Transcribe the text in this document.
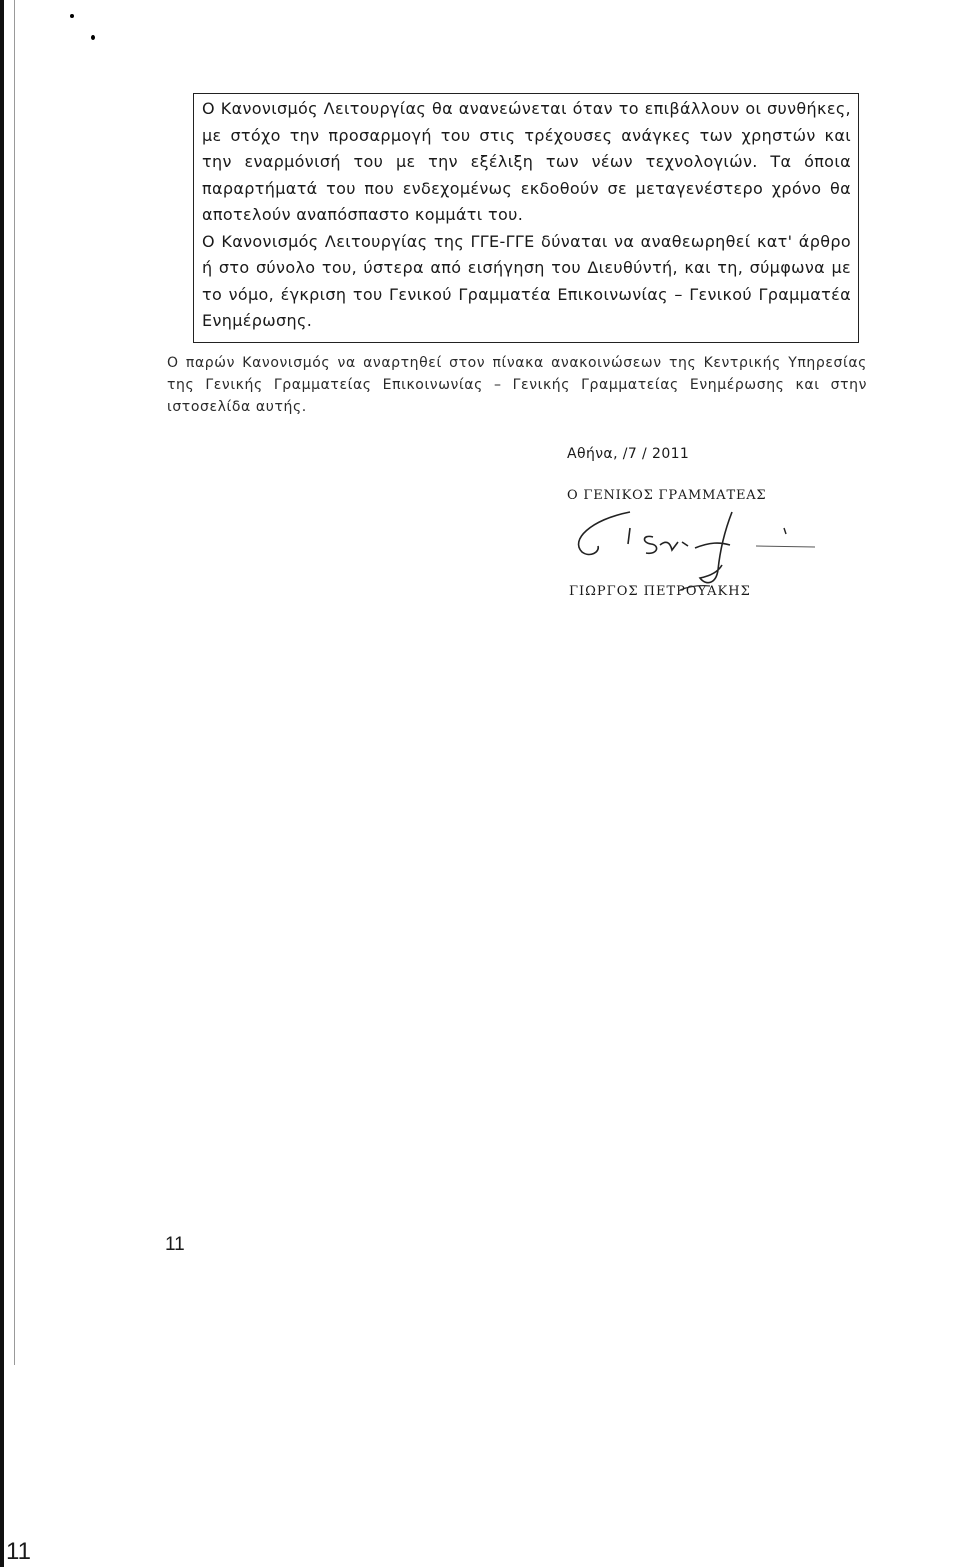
Ο Κανονισμός Λειτουργίας θα ανανεώνεται όταν το επιβάλλουν οι συνθήκες, με στόχο την προσαρμογή του στις τρέχουσες ανάγκες των χρηστών και την εναρμόνισή του με την εξέλιξη των νέων τεχνολογιών. Τα όποια παραρτήματά του που ενδεχομένως εκδοθούν σε μεταγενέστερο χρόνο θα αποτελούν αναπόσπαστο κομμάτι του.

Ο Κανονισμός Λειτουργίας της ΓΓΕ-ΓΓΕ δύναται να αναθεωρηθεί κατ' άρθρο ή στο σύνολο του, ύστερα από εισήγηση του Διευθύντή, και τη, σύμφωνα με το νόμο, έγκριση του Γενικού Γραμματέα Επικοινωνίας – Γενικού Γραμματέα Ενημέρωσης.

Ο παρών Κανονισμός να αναρτηθεί στον πίνακα ανακοινώσεων της Κεντρικής Υπηρεσίας της Γενικής Γραμματείας Επικοινωνίας – Γενικής Γραμματείας Ενημέρωσης και στην ιστοσελίδα αυτής.

Αθήνα, /7 / 2011
Ο ΓΕΝΙΚΟΣ ΓΡΑΜΜΑΤΕΑΣ
ΓΙΩΡΓΟΣ ΠΕΤΡΟΥΑΚΗΣ
11
11
